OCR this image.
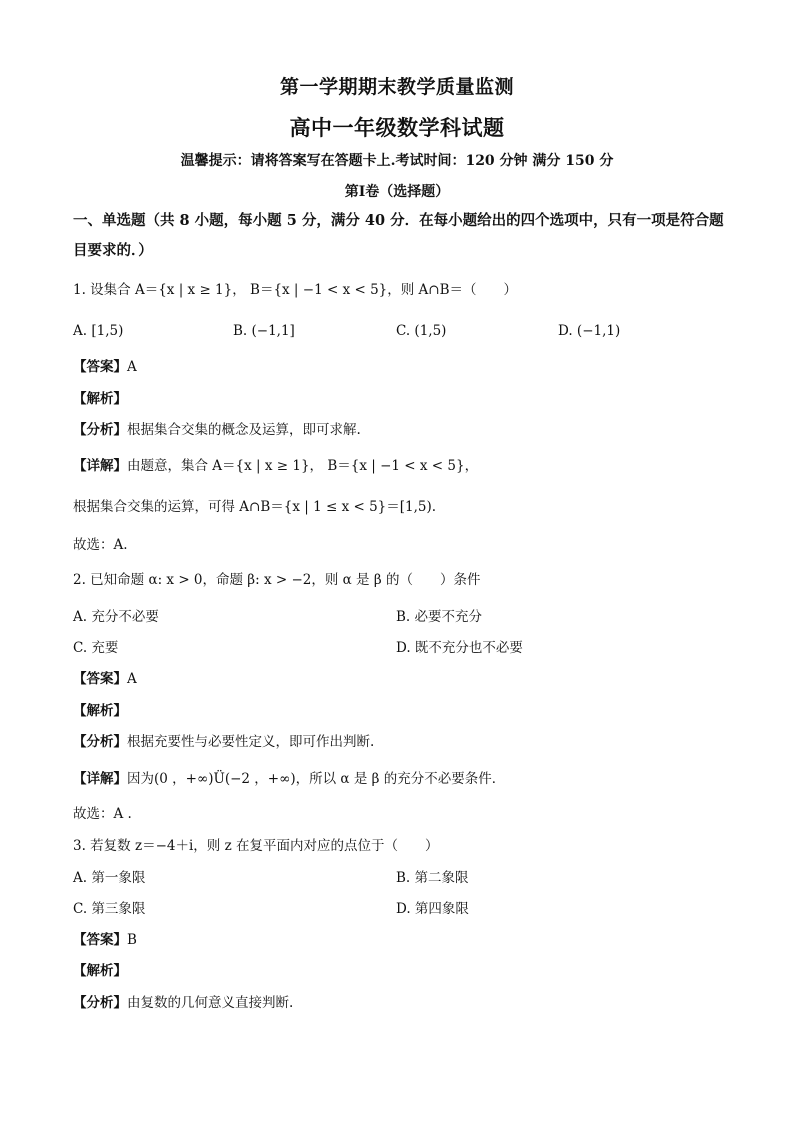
第一学期期末教学质量监测
高中一年级数学科试题
温馨提示：请将答案写在答题卡上.考试时间：120 分钟 满分 150 分
第Ⅰ卷（选择题）
一、单选题（共 8 小题，每小题 5 分，满分 40 分．在每小题给出的四个选项中，只有一项是符合题目要求的．）
1. 设集合 A＝{x | x ≥ 1}， B＝{x | −1 < x < 5}，则 A∩B＝（　　）
A. [1,5)	B. (−1,1]	C. (1,5)	D. (−1,1)
【答案】A
【解析】
【分析】根据集合交集的概念及运算，即可求解.
【详解】由题意，集合 A＝{x | x ≥ 1}， B＝{x | −1 < x < 5}，
根据集合交集的运算，可得 A∩B＝{x | 1 ≤ x < 5}＝[1,5).
故选：A.
2. 已知命题 α: x > 0，命题 β: x > −2，则 α 是 β 的（　　）条件
A. 充分不必要	B. 必要不充分
C. 充要	D. 既不充分也不必要
【答案】A
【解析】
【分析】根据充要性与必要性定义，即可作出判断.
【详解】因为(0 ，+∞)Ü(−2 ，+∞)，所以 α 是 β 的充分不必要条件．
故选：A .
3. 若复数 z＝−4＋i，则 z 在复平面内对应的点位于（　　）
A. 第一象限	B. 第二象限
C. 第三象限	D. 第四象限
【答案】B
【解析】
【分析】由复数的几何意义直接判断.
